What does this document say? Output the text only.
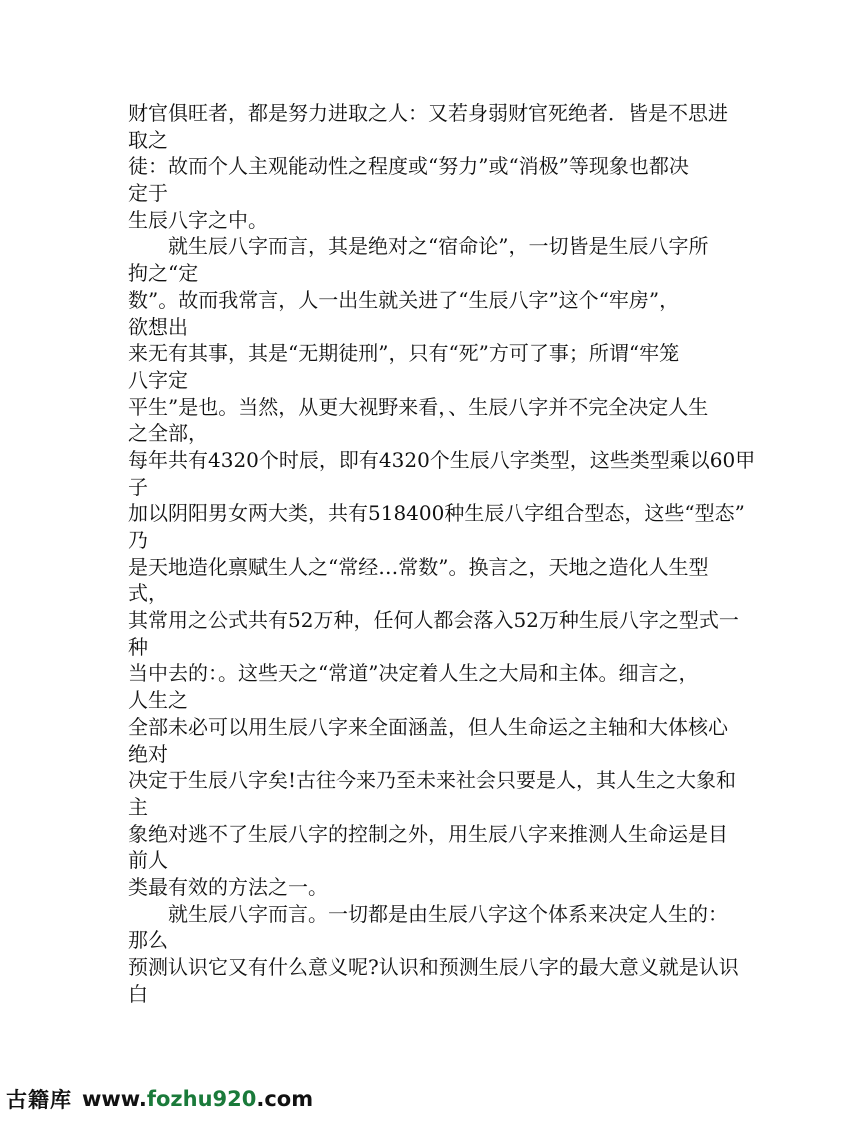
财官俱旺者，都是努力进取之人：又若身弱财官死绝者．皆是不思进
取之
徒：故而个人主观能动性之程度或“努力”或“消极”等现象也都决
定于
生辰八字之中。
就生辰八字而言，其是绝对之“宿命论”，一切皆是生辰八字所
拘之“定
数”。故而我常言，人一出生就关进了“生辰八字”这个“牢房”，
欲想出
来无有其事，其是“无期徒刑”，只有“死”方可了事；所谓“牢笼
八字定
平生”是也。当然，从更大视野来看，、生辰八字并不完全决定人生
之全部，
每年共有4320个时辰，即有4320个生辰八字类型，这些类型乘以60甲
子
加以阴阳男女两大类，共有518400种生辰八字组合型态，这些“型态”
乃
是天地造化禀赋生人之“常经…常数”。换言之，天地之造化人生型
式，
其常用之公式共有52万种，任何人都会落入52万种生辰八字之型式一
种
当中去的：。这些天之“常道”决定着人生之大局和主体。细言之，
人生之
全部未必可以用生辰八字来全面涵盖，但人生命运之主轴和大体核心
绝对
决定于生辰八字矣!古往今来乃至未来社会只要是人，其人生之大象和
主
象绝对逃不了生辰八字的控制之外，用生辰八字来推测人生命运是目
前人
类最有效的方法之一。
就生辰八字而言。一切都是由生辰八字这个体系来决定人生的：
那么
预测认识它又有什么意义呢?认识和预测生辰八字的最大意义就是认识
白
古籍库 www.fozhu920.com
